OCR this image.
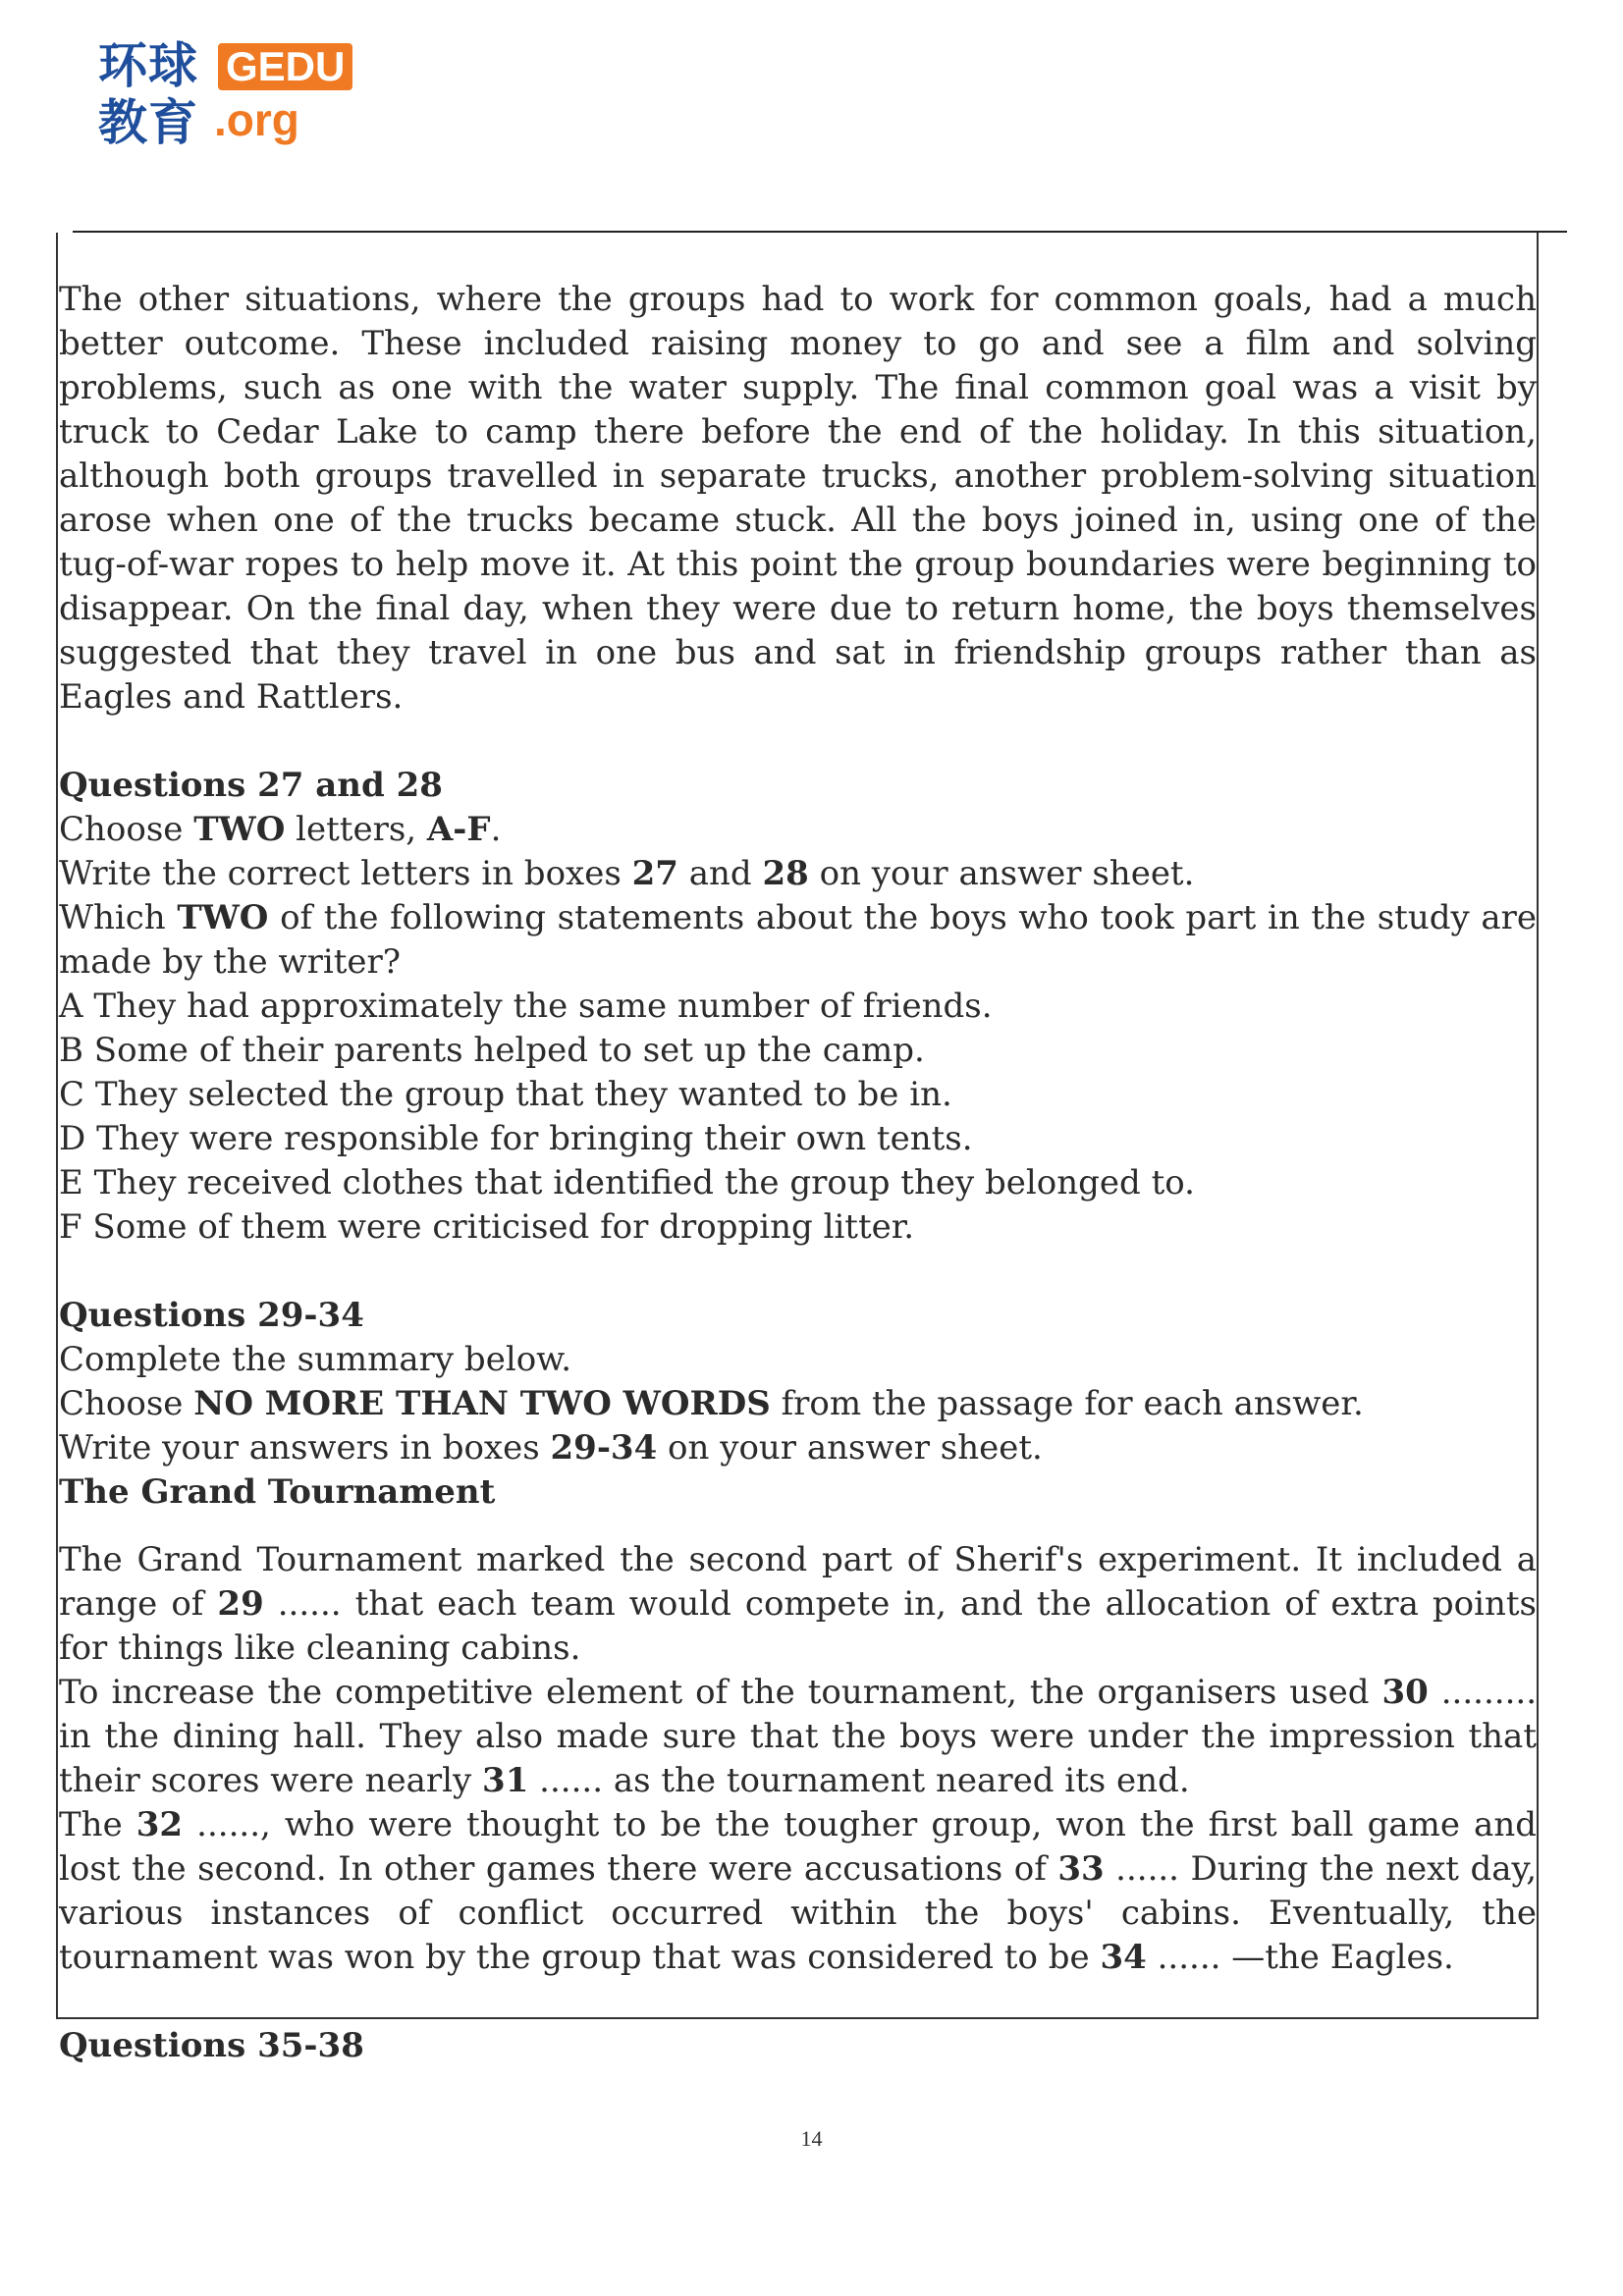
环球
教育
GEDU
.org

The other situations, where the groups had to work for common goals, had a much better outcome. These included raising money to go and see a film and solving problems, such as one with the water supply. The final common goal was a visit by truck to Cedar Lake to camp there before the end of the holiday. In this situation, although both groups travelled in separate trucks, another problem-solving situation arose when one of the trucks became stuck. All the boys joined in, using one of the tug-of-war ropes to help move it. At this point the group boundaries were beginning to disappear. On the final day, when they were due to return home, the boys themselves suggested that they travel in one bus and sat in friendship groups rather than as Eagles and Rattlers.

Questions 27 and 28

Choose TWO letters, A-F.

Write the correct letters in boxes 27 and 28 on your answer sheet.

Which TWO of the following statements about the boys who took part in the study are made by the writer?

A They had approximately the same number of friends.

B Some of their parents helped to set up the camp.

C They selected the group that they wanted to be in.

D They were responsible for bringing their own tents.

E They received clothes that identified the group they belonged to.

F Some of them were criticised for dropping litter.

Questions 29-34

Complete the summary below.

Choose NO MORE THAN TWO WORDS from the passage for each answer.

Write your answers in boxes 29-34 on your answer sheet.

The Grand Tournament

The Grand Tournament marked the second part of Sherif's experiment. It included a range of 29 ...... that each team would compete in, and the allocation of extra points for things like cleaning cabins.

To increase the competitive element of the tournament, the organisers used 30 ......... in the dining hall. They also made sure that the boys were under the impression that their scores were nearly 31 ...... as the tournament neared its end.

The 32 ......, who were thought to be the tougher group, won the first ball game and lost the second. In other games there were accusations of 33 ...... During the next day, various instances of conflict occurred within the boys' cabins. Eventually, the tournament was won by the group that was considered to be 34 ...... —the Eagles.

Questions 35-38

14
